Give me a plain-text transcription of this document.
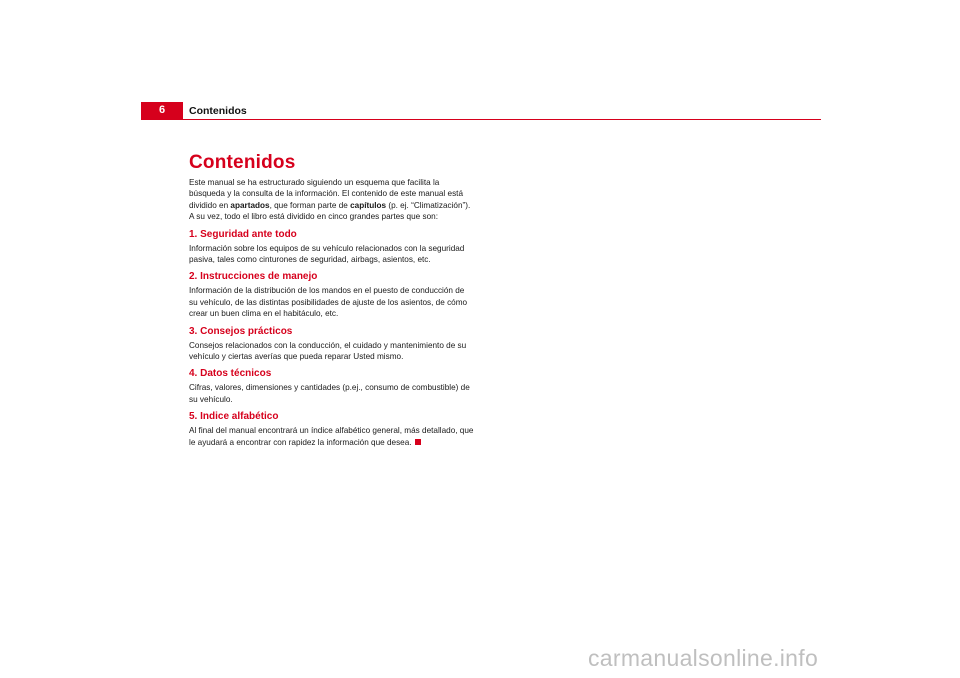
6	Contenidos
Contenidos

Este manual se ha estructurado siguiendo un esquema que facilita la búsqueda y la consulta de la información. El contenido de este manual está dividido en apartados, que forman parte de capítulos (p. ej. “Climatización”). A su vez, todo el libro está dividido en cinco grandes partes que son:

1. Seguridad ante todo

Información sobre los equipos de su vehículo relacionados con la seguridad pasiva, tales como cinturones de seguridad, airbags, asientos, etc.

2. Instrucciones de manejo

Información de la distribución de los mandos en el puesto de conducción de su vehículo, de las distintas posibilidades de ajuste de los asientos, de cómo crear un buen clima en el habitáculo, etc.

3. Consejos prácticos

Consejos relacionados con la conducción, el cuidado y mantenimiento de su vehículo y ciertas averías que pueda reparar Usted mismo.

4. Datos técnicos

Cifras, valores, dimensiones y cantidades (p.ej., consumo de combustible) de su vehículo.

5. Indice alfabético

Al final del manual encontrará un índice alfabético general, más detallado, que le ayudará a encontrar con rapidez la información que desea.

carmanualsonline.info
